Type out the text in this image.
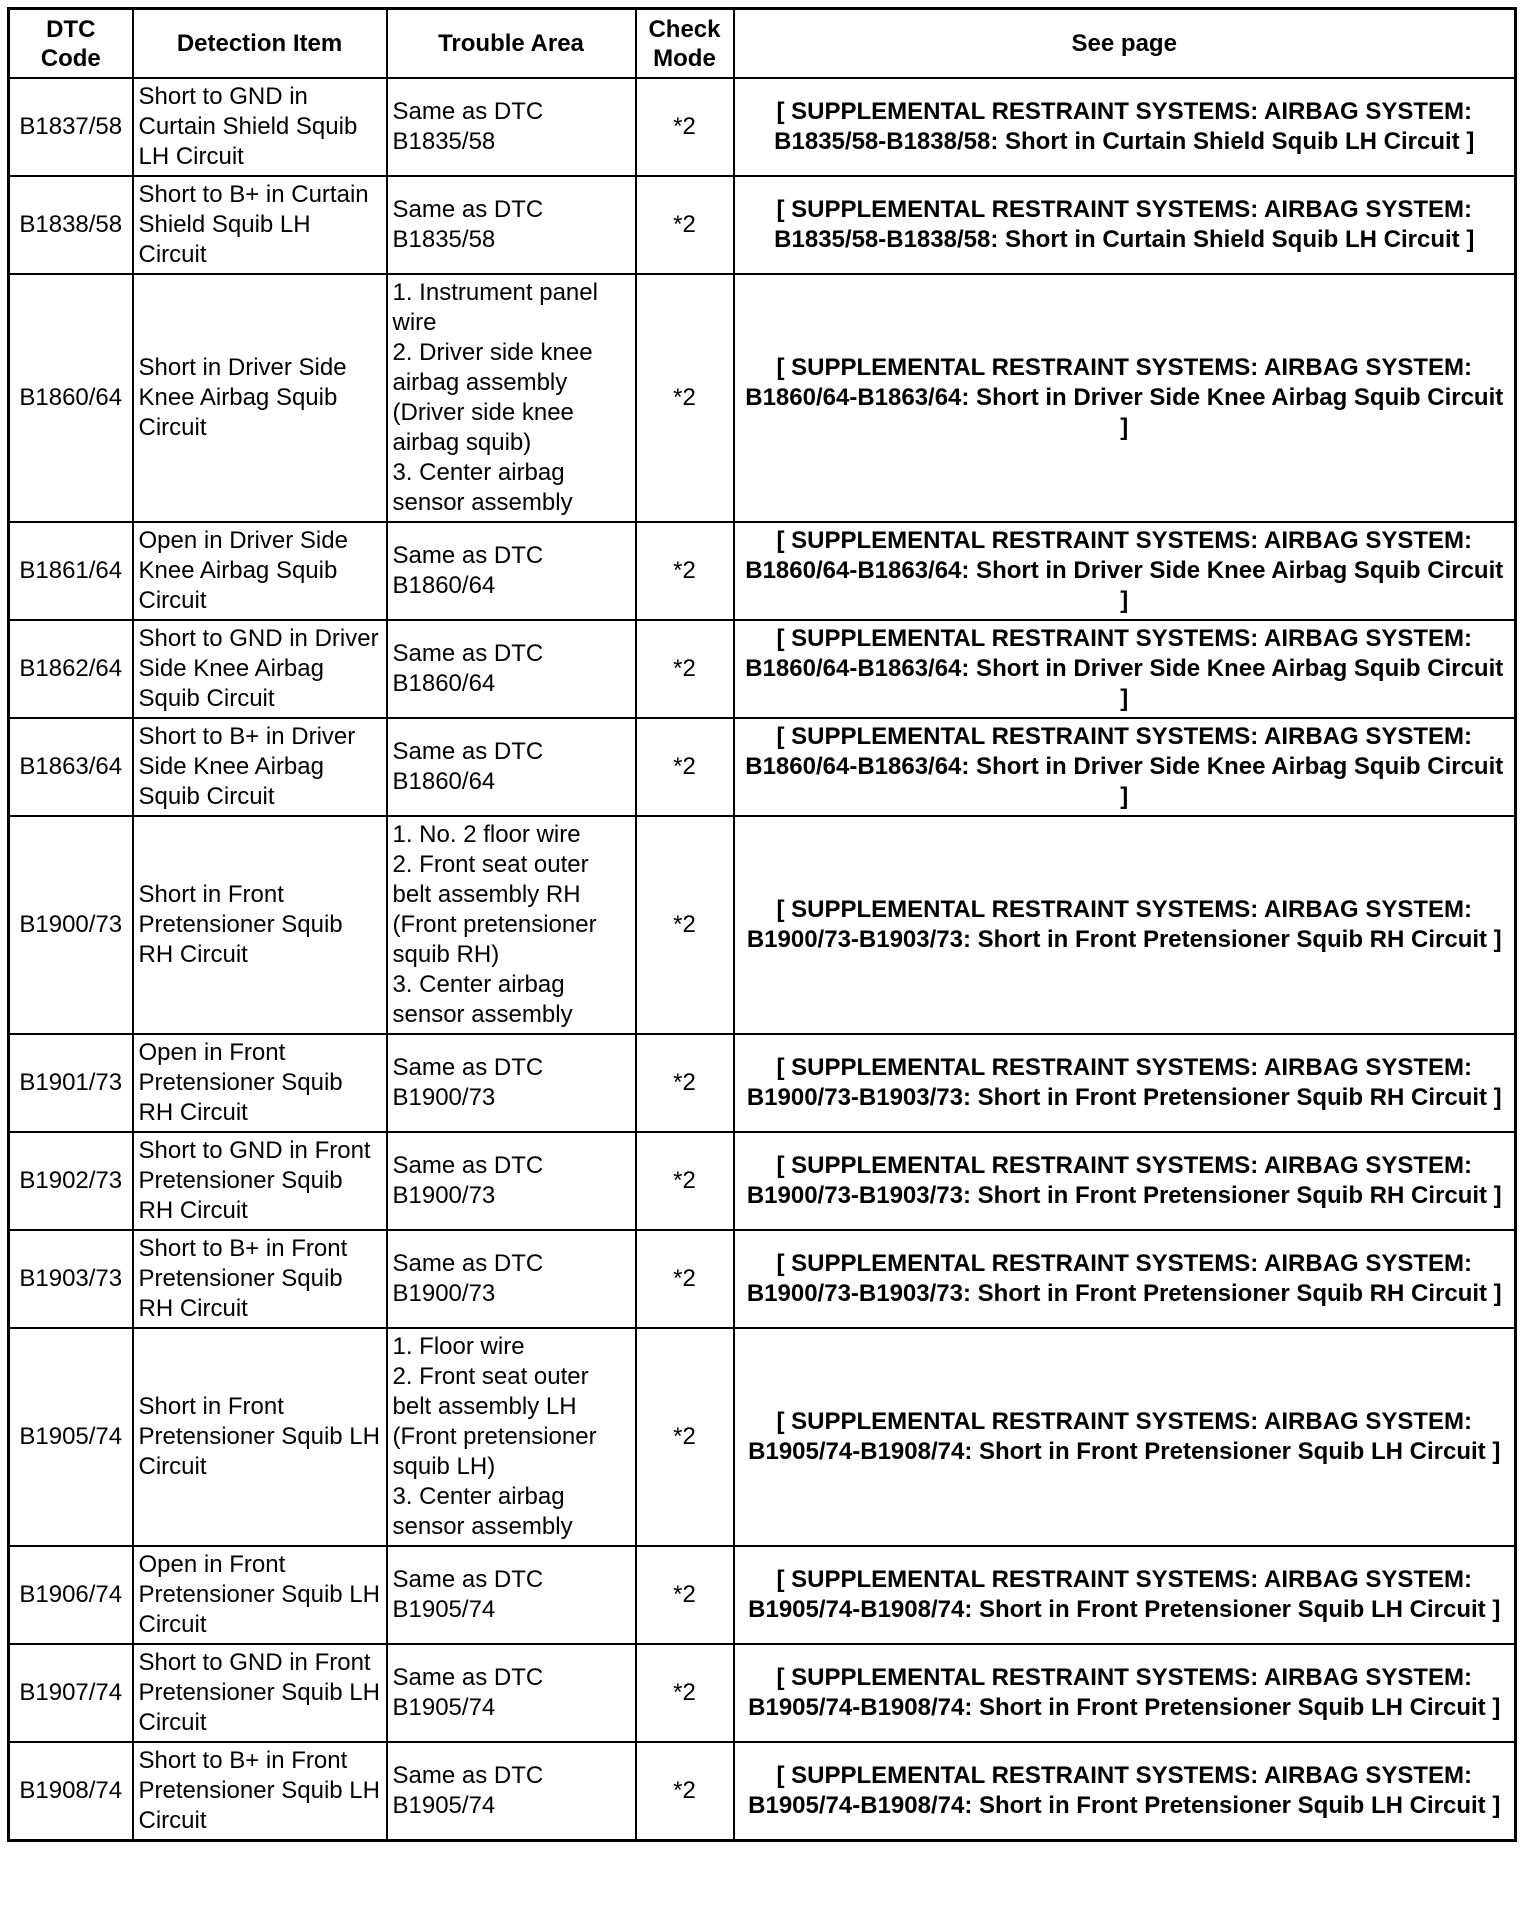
DTC Code	Detection Item	Trouble Area	Check Mode	See page
B1837/58	Short to GND in Curtain Shield Squib LH Circuit	Same as DTC B1835/58	*2	[ SUPPLEMENTAL RESTRAINT SYSTEMS: AIRBAG SYSTEM: B1835/58-B1838/58: Short in Curtain Shield Squib LH Circuit ]
B1838/58	Short to B+ in Curtain Shield Squib LH Circuit	Same as DTC B1835/58	*2	[ SUPPLEMENTAL RESTRAINT SYSTEMS: AIRBAG SYSTEM: B1835/58-B1838/58: Short in Curtain Shield Squib LH Circuit ]
B1860/64	Short in Driver Side Knee Airbag Squib Circuit	1. Instrument panel wire
2. Driver side knee airbag assembly (Driver side knee airbag squib)
3. Center airbag sensor assembly	*2	[ SUPPLEMENTAL RESTRAINT SYSTEMS: AIRBAG SYSTEM: B1860/64-B1863/64: Short in Driver Side Knee Airbag Squib Circuit ]
B1861/64	Open in Driver Side Knee Airbag Squib Circuit	Same as DTC B1860/64	*2	[ SUPPLEMENTAL RESTRAINT SYSTEMS: AIRBAG SYSTEM: B1860/64-B1863/64: Short in Driver Side Knee Airbag Squib Circuit ]
B1862/64	Short to GND in Driver Side Knee Airbag Squib Circuit	Same as DTC B1860/64	*2	[ SUPPLEMENTAL RESTRAINT SYSTEMS: AIRBAG SYSTEM: B1860/64-B1863/64: Short in Driver Side Knee Airbag Squib Circuit ]
B1863/64	Short to B+ in Driver Side Knee Airbag Squib Circuit	Same as DTC B1860/64	*2	[ SUPPLEMENTAL RESTRAINT SYSTEMS: AIRBAG SYSTEM: B1860/64-B1863/64: Short in Driver Side Knee Airbag Squib Circuit ]
B1900/73	Short in Front Pretensioner Squib RH Circuit	1. No. 2 floor wire
2. Front seat outer belt assembly RH (Front pretensioner squib RH)
3. Center airbag sensor assembly	*2	[ SUPPLEMENTAL RESTRAINT SYSTEMS: AIRBAG SYSTEM: B1900/73-B1903/73: Short in Front Pretensioner Squib RH Circuit ]
B1901/73	Open in Front Pretensioner Squib RH Circuit	Same as DTC B1900/73	*2	[ SUPPLEMENTAL RESTRAINT SYSTEMS: AIRBAG SYSTEM: B1900/73-B1903/73: Short in Front Pretensioner Squib RH Circuit ]
B1902/73	Short to GND in Front Pretensioner Squib RH Circuit	Same as DTC B1900/73	*2	[ SUPPLEMENTAL RESTRAINT SYSTEMS: AIRBAG SYSTEM: B1900/73-B1903/73: Short in Front Pretensioner Squib RH Circuit ]
B1903/73	Short to B+ in Front Pretensioner Squib RH Circuit	Same as DTC B1900/73	*2	[ SUPPLEMENTAL RESTRAINT SYSTEMS: AIRBAG SYSTEM: B1900/73-B1903/73: Short in Front Pretensioner Squib RH Circuit ]
B1905/74	Short in Front Pretensioner Squib LH Circuit	1. Floor wire
2. Front seat outer belt assembly LH (Front pretensioner squib LH)
3. Center airbag sensor assembly	*2	[ SUPPLEMENTAL RESTRAINT SYSTEMS: AIRBAG SYSTEM: B1905/74-B1908/74: Short in Front Pretensioner Squib LH Circuit ]
B1906/74	Open in Front Pretensioner Squib LH Circuit	Same as DTC B1905/74	*2	[ SUPPLEMENTAL RESTRAINT SYSTEMS: AIRBAG SYSTEM: B1905/74-B1908/74: Short in Front Pretensioner Squib LH Circuit ]
B1907/74	Short to GND in Front Pretensioner Squib LH Circuit	Same as DTC B1905/74	*2	[ SUPPLEMENTAL RESTRAINT SYSTEMS: AIRBAG SYSTEM: B1905/74-B1908/74: Short in Front Pretensioner Squib LH Circuit ]
B1908/74	Short to B+ in Front Pretensioner Squib LH Circuit	Same as DTC B1905/74	*2	[ SUPPLEMENTAL RESTRAINT SYSTEMS: AIRBAG SYSTEM: B1905/74-B1908/74: Short in Front Pretensioner Squib LH Circuit ]
